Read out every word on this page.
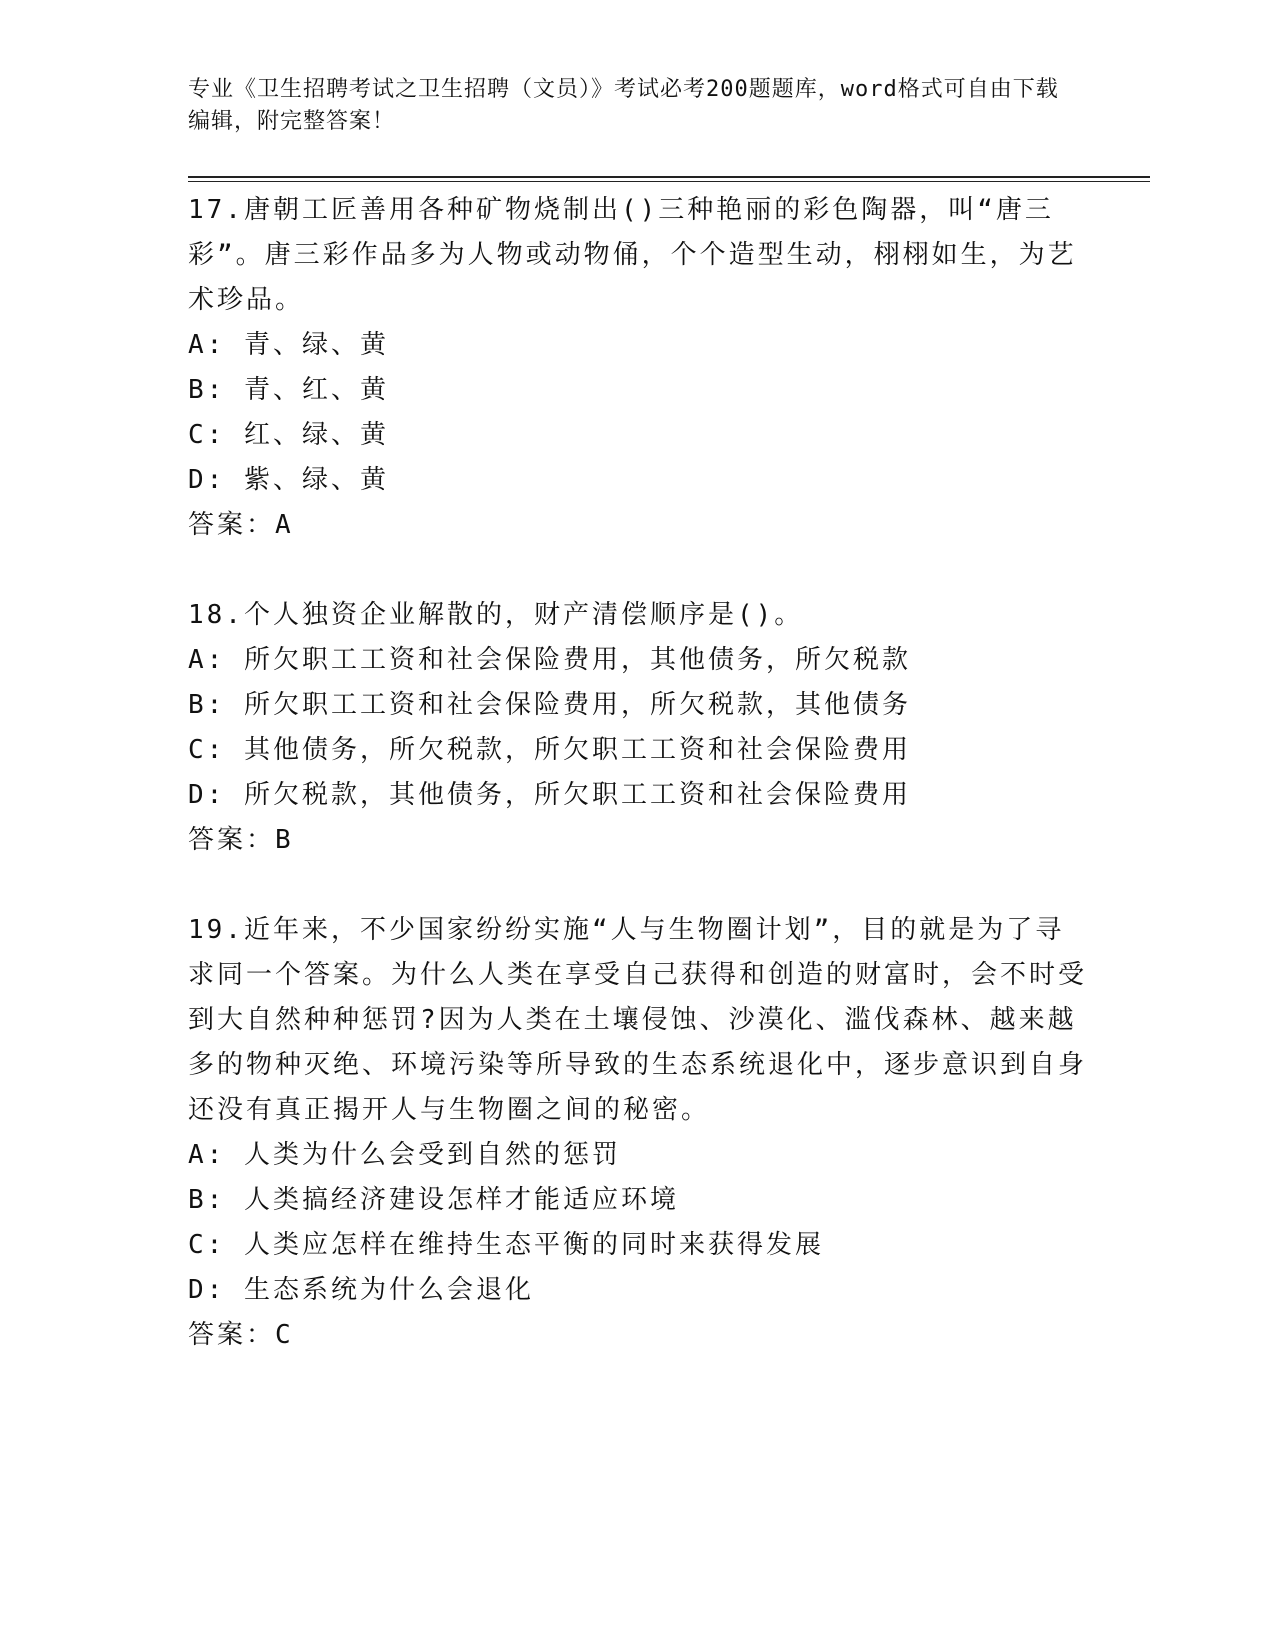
专业《卫生招聘考试之卫生招聘（文员）》考试必考200题题库，word格式可自由下载编辑，附完整答案！

17.唐朝工匠善用各种矿物烧制出()三种艳丽的彩色陶器，叫“唐三彩”。唐三彩作品多为人物或动物俑，个个造型生动，栩栩如生，为艺术珍品。

A: 青、绿、黄

B: 青、红、黄

C: 红、绿、黄

D: 紫、绿、黄

答案：A

18.个人独资企业解散的，财产清偿顺序是()。

A: 所欠职工工资和社会保险费用，其他债务，所欠税款

B: 所欠职工工资和社会保险费用，所欠税款，其他债务

C: 其他债务，所欠税款，所欠职工工资和社会保险费用

D: 所欠税款，其他债务，所欠职工工资和社会保险费用

答案：B

19.近年来，不少国家纷纷实施“人与生物圈计划”，目的就是为了寻求同一个答案。为什么人类在享受自己获得和创造的财富时，会不时受到大自然种种惩罚?因为人类在土壤侵蚀、沙漠化、滥伐森林、越来越多的物种灭绝、环境污染等所导致的生态系统退化中，逐步意识到自身还没有真正揭开人与生物圈之间的秘密。

A: 人类为什么会受到自然的惩罚

B: 人类搞经济建设怎样才能适应环境

C: 人类应怎样在维持生态平衡的同时来获得发展

D: 生态系统为什么会退化

答案：C
